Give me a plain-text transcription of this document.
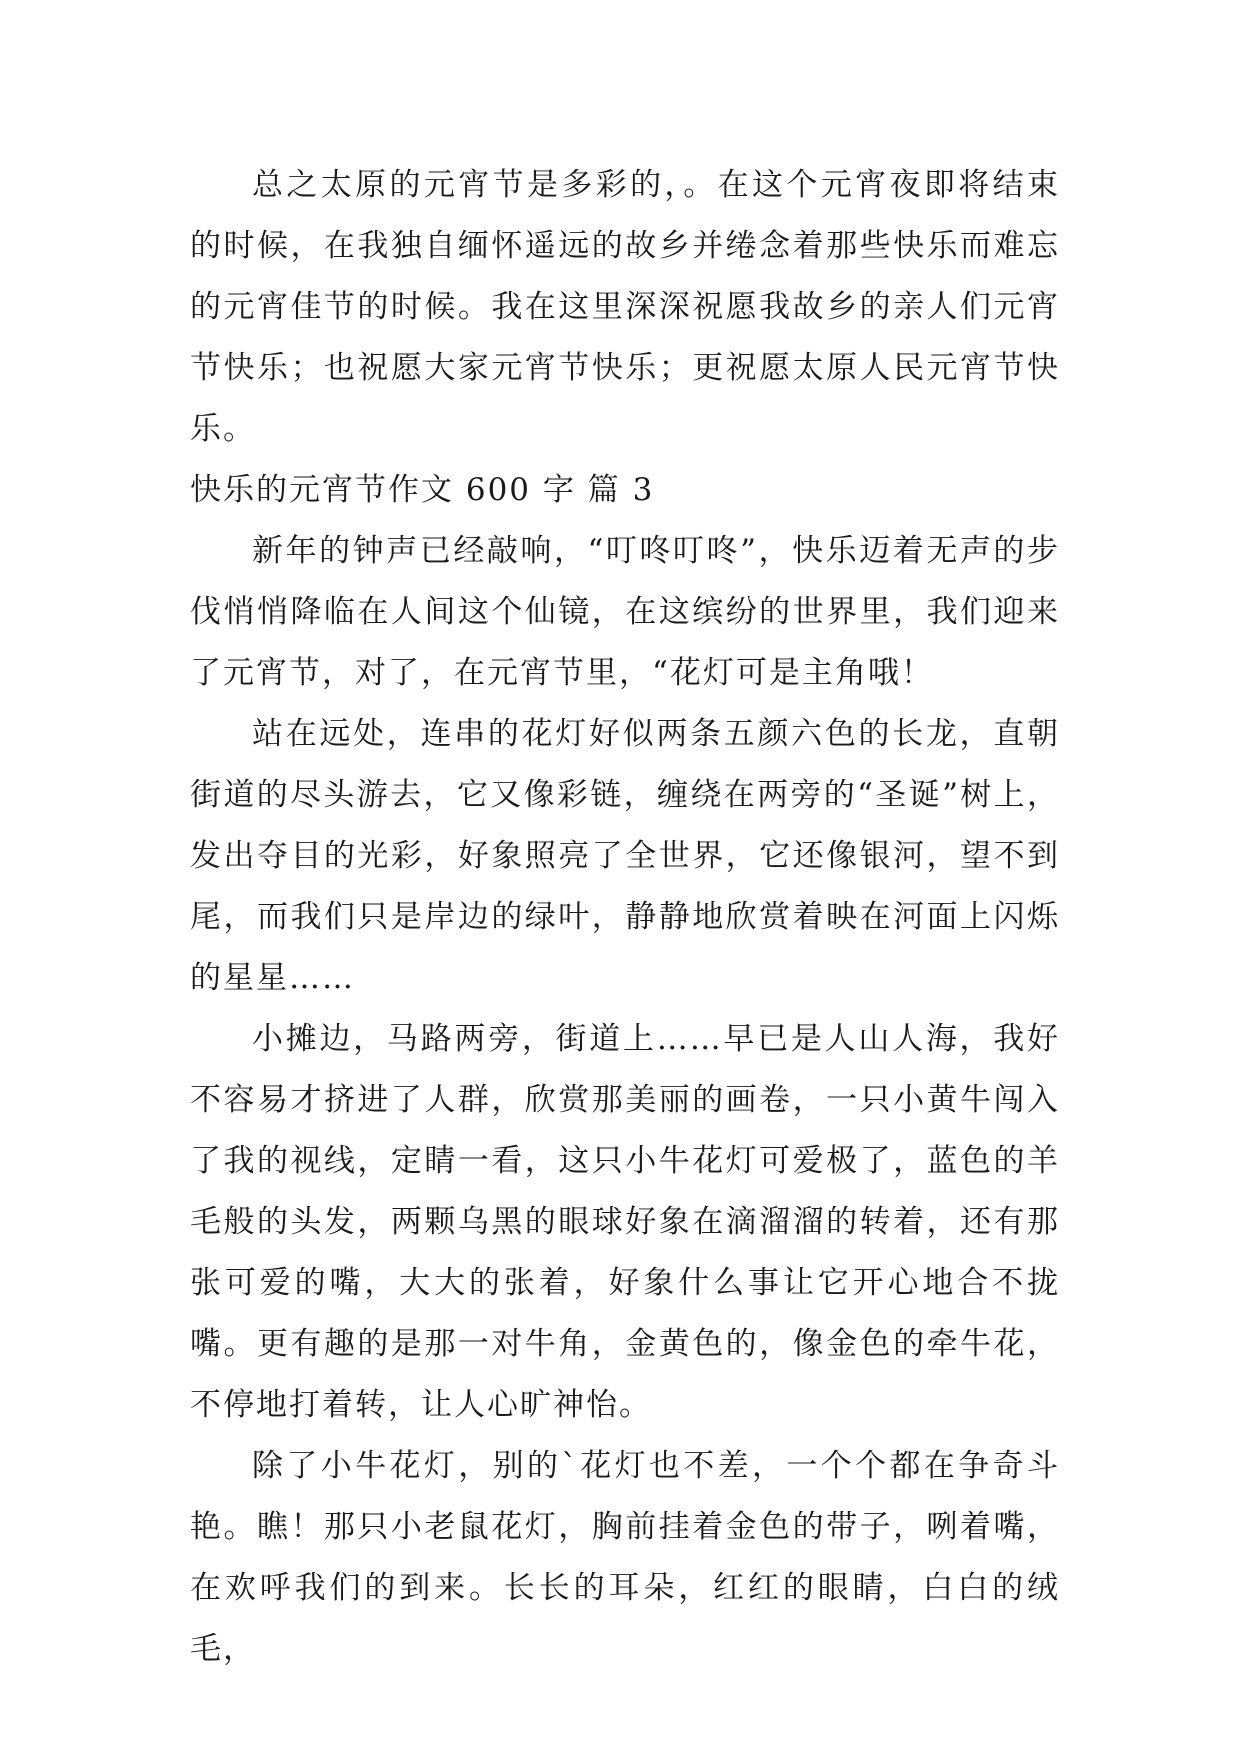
总之太原的元宵节是多彩的，。在这个元宵夜即将结束的时候，在我独自缅怀遥远的故乡并绻念着那些快乐而难忘的元宵佳节的时候。我在这里深深祝愿我故乡的亲人们元宵节快乐；也祝愿大家元宵节快乐；更祝愿太原人民元宵节快乐。

快乐的元宵节作文 600 字 篇 3

新年的钟声已经敲响，“叮咚叮咚”，快乐迈着无声的步伐悄悄降临在人间这个仙镜，在这缤纷的世界里，我们迎来了元宵节，对了，在元宵节里，“花灯可是主角哦！

站在远处，连串的花灯好似两条五颜六色的长龙，直朝街道的尽头游去，它又像彩链，缠绕在两旁的“圣诞”树上，发出夺目的光彩，好象照亮了全世界，它还像银河，望不到尾，而我们只是岸边的绿叶，静静地欣赏着映在河面上闪烁的星星……

小摊边，马路两旁，街道上……早已是人山人海，我好不容易才挤进了人群，欣赏那美丽的画卷，一只小黄牛闯入了我的视线，定睛一看，这只小牛花灯可爱极了，蓝色的羊毛般的头发，两颗乌黑的眼球好象在滴溜溜的转着，还有那张可爱的嘴，大大的张着，好象什么事让它开心地合不拢嘴。更有趣的是那一对牛角，金黄色的，像金色的牵牛花，不停地打着转，让人心旷神怡。

除了小牛花灯，别的`花灯也不差，一个个都在争奇斗艳。瞧！那只小老鼠花灯，胸前挂着金色的带子，咧着嘴，在欢呼我们的到来。长长的耳朵，红红的眼睛，白白的绒毛，
